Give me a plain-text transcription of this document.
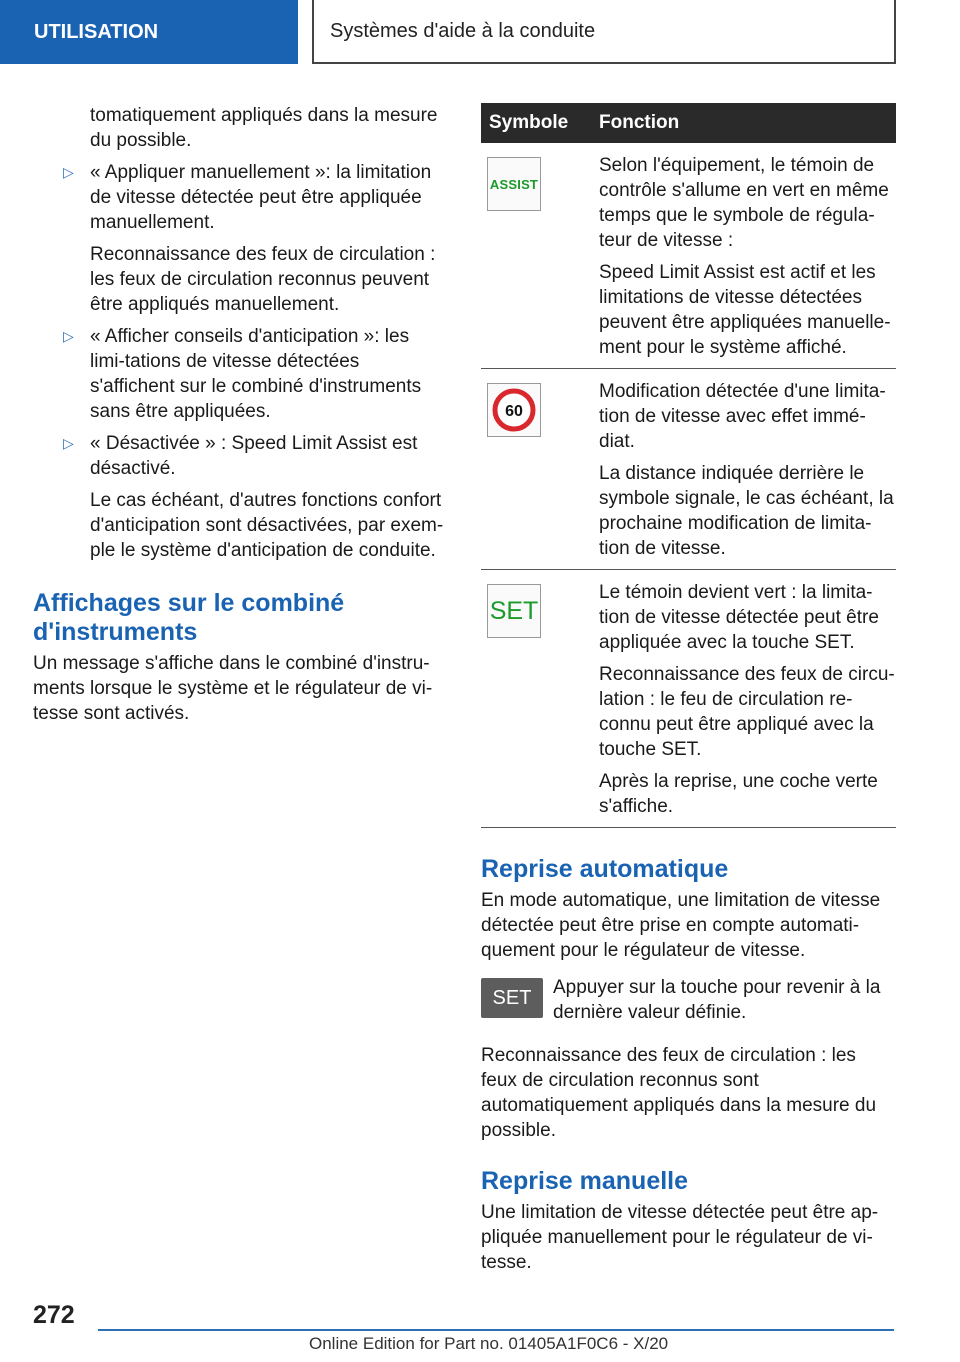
UTILISATION	Systèmes d'aide à la conduite

tomatiquement appliqués dans la mesure du possible.

▷ « Appliquer manuellement »: la limitation de vitesse détectée peut être appliquée manuellement.

Reconnaissance des feux de circulation : les feux de circulation reconnus peuvent être appliqués manuellement.

▷ « Afficher conseils d'anticipation »: les limi-tations de vitesse détectées s'affichent sur le combiné d'instruments sans être appliquées.

▷ « Désactivée » : Speed Limit Assist est désactivé.

Le cas échéant, d'autres fonctions confort d'anticipation sont désactivées, par exem-ple le système d'anticipation de conduite.

Affichages sur le combiné d'instruments

Un message s'affiche dans le combiné d'instru-ments lorsque le système et le régulateur de vi-tesse sont activés.

Symbole	Fonction

ASSIST	Selon l'équipement, le témoin de contrôle s'allume en vert en même temps que le symbole de régula-teur de vitesse :

Speed Limit Assist est actif et les limitations de vitesse détectées peuvent être appliquées manuelle-ment pour le système affiché.

60	Modification détectée d'une limita-tion de vitesse avec effet immé-diat.

La distance indiquée derrière le symbole signale, le cas échéant, la prochaine modification de limita-tion de vitesse.

SET	Le témoin devient vert : la limita-tion de vitesse détectée peut être appliquée avec la touche SET.

Reconnaissance des feux de circu-lation : le feu de circulation re-connu peut être appliqué avec la touche SET.

Après la reprise, une coche verte s'affiche.

Reprise automatique

En mode automatique, une limitation de vitesse détectée peut être prise en compte automati-quement pour le régulateur de vitesse.

SET Appuyer sur la touche pour revenir à la dernière valeur définie.

Reconnaissance des feux de circulation : les feux de circulation reconnus sont automatiquement appliqués dans la mesure du possible.

Reprise manuelle

Une limitation de vitesse détectée peut être ap-pliquée manuellement pour le régulateur de vi-tesse.

272
Online Edition for Part no. 01405A1F0C6 - X/20
